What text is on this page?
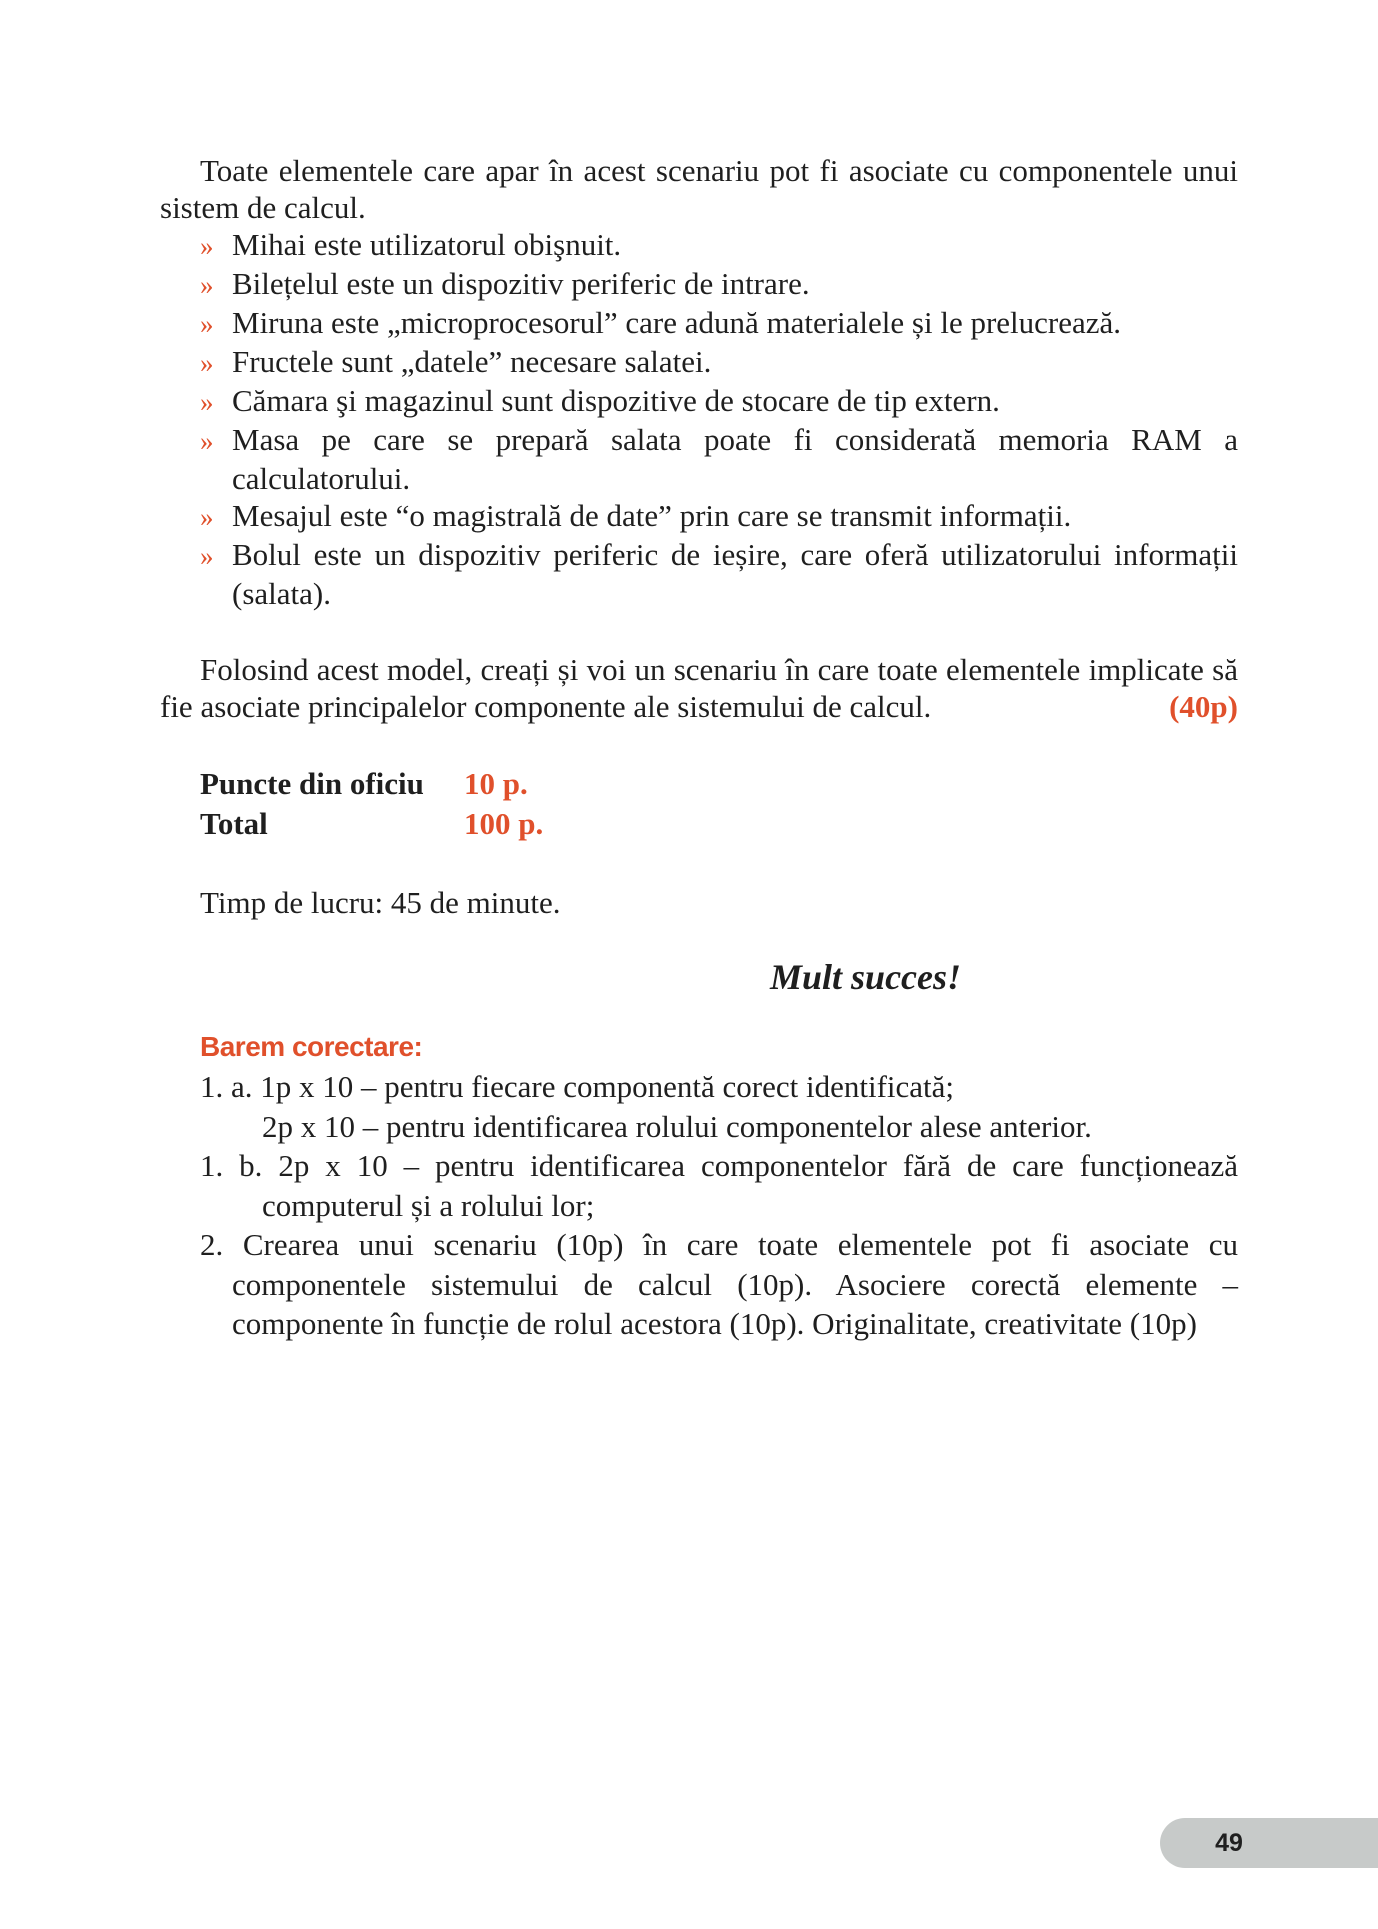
Toate elementele care apar în acest scenariu pot fi asociate cu componentele unui sistem de calcul.

» Mihai este utilizatorul obişnuit.

» Bilețelul este un dispozitiv periferic de intrare.

» Miruna este „microprocesorul” care adună materialele și le prelucrează.

» Fructele sunt „datele” necesare salatei.

» Cămara şi magazinul sunt dispozitive de stocare de tip extern.

» Masa pe care se prepară salata poate fi considerată memoria RAM a calculatorului.

» Mesajul este “o magistrală de date” prin care se transmit informații.

» Bolul este un dispozitiv periferic de ieșire, care oferă utilizatorului informații (salata).

Folosind acest model, creați și voi un scenariu în care toate elementele implicate să fie asociate principalelor componente ale sistemului de calcul.	(40p)

Puncte din oficiu	10 p.
Total	100 p.

Timp de lucru: 45 de minute.

Mult succes!
Barem corectare:

1. a. 1p x 10 – pentru fiecare componentă corect identificată;

2p x 10 – pentru identificarea rolului componentelor alese anterior.

1. b. 2p x 10 – pentru identificarea componentelor fără de care funcționează computerul și a rolului lor;

2. Crearea unui scenariu (10p) în care toate elementele pot fi asociate cu componentele sistemului de calcul (10p). Asociere corectă elemente – componente în funcție de rolul acestora (10p). Originalitate, creativitate (10p)

49
